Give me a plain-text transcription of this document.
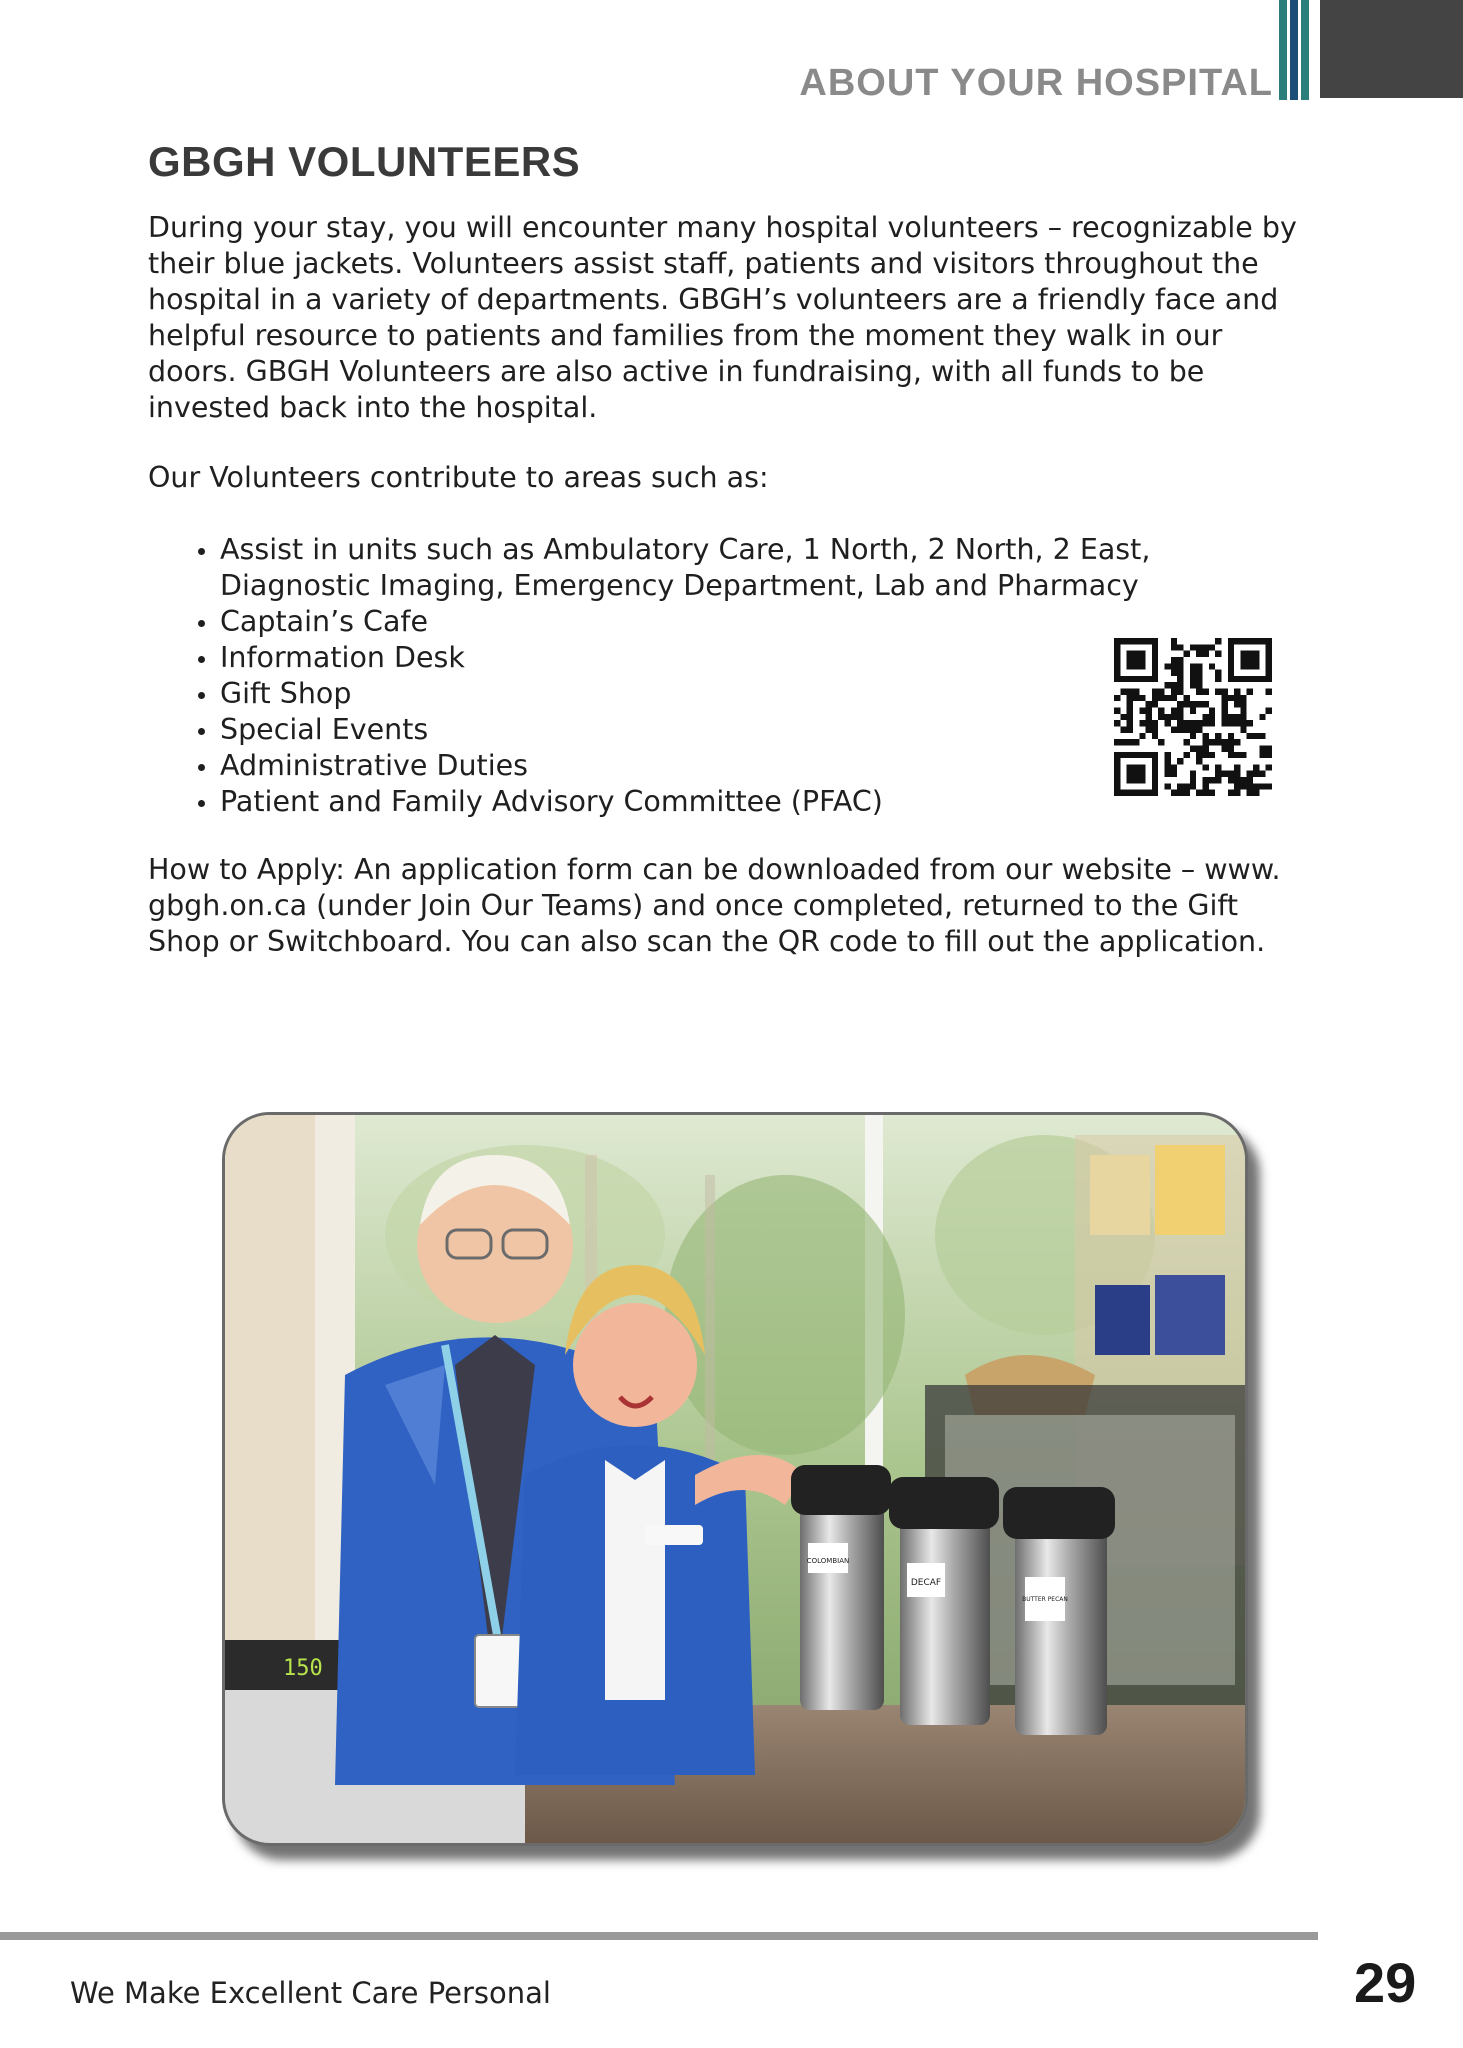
ABOUT YOUR HOSPITAL
GBGH VOLUNTEERS

During your stay, you will encounter many hospital volunteers – recognizable by their blue jackets. Volunteers assist staff, patients and visitors throughout the hospital in a variety of departments. GBGH’s volunteers are a friendly face and helpful resource to patients and families from the moment they walk in our doors. GBGH Volunteers are also active in fundraising, with all funds to be invested back into the hospital.

Our Volunteers contribute to areas such as:

Assist in units such as Ambulatory Care, 1 North, 2 North, 2 East, Diagnostic Imaging, Emergency Department, Lab and Pharmacy
Captain’s Cafe
Information Desk
Gift Shop
Special Events
Administrative Duties
Patient and Family Advisory Committee (PFAC)

How to Apply: An application form can be downloaded from our website – www. gbgh.on.ca (under Join Our Teams) and once completed, returned to the Gift Shop or Switchboard. You can also scan the QR code to fill out the application.

150
COLOMBIAN
DECAF
BUTTER PECAN
We Make Excellent Care Personal	29
